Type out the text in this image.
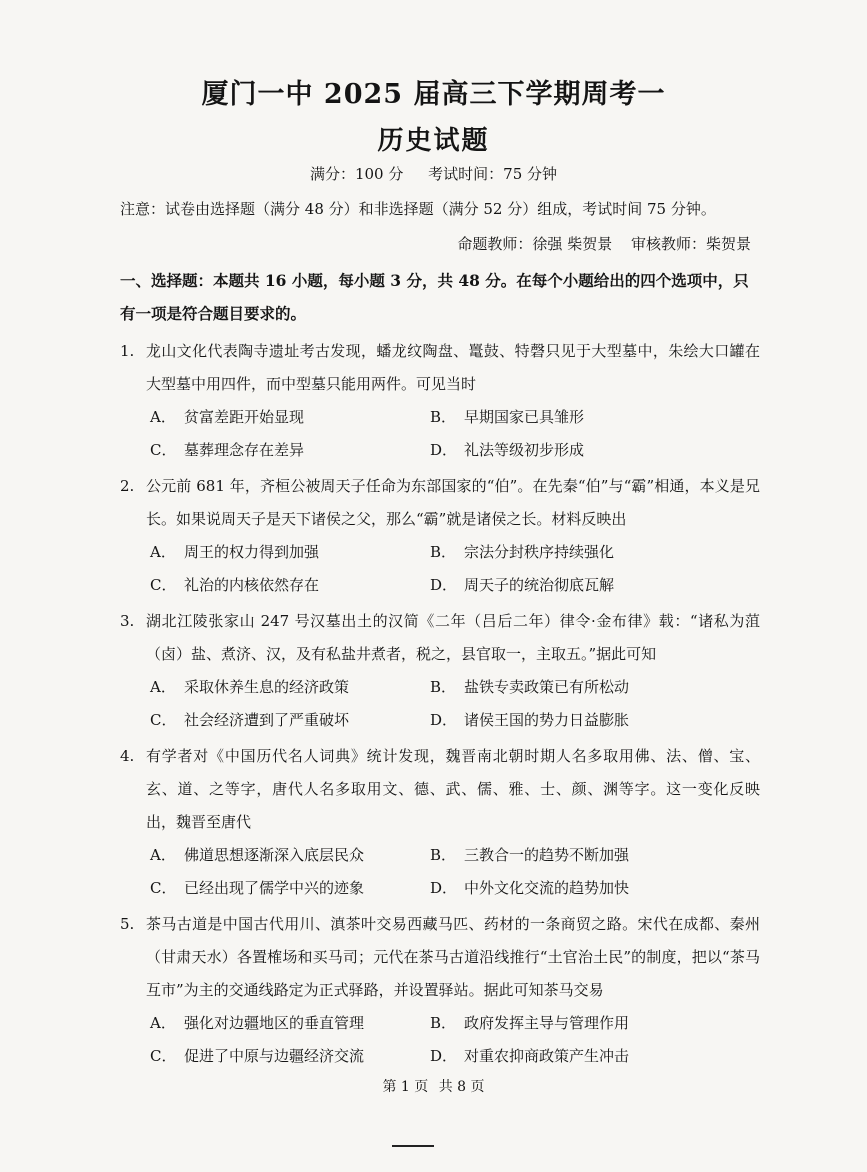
厦门一中 2025 届高三下学期周考一
历史试题
满分：100 分 考试时间：75 分钟
注意：试卷由选择题（满分 48 分）和非选择题（满分 52 分）组成，考试时间 75 分钟。
命题教师：徐强 柴贺景 审核教师：柴贺景
一、选择题：本题共 16 小题，每小题 3 分，共 48 分。在每个小题给出的四个选项中，只有一项是符合题目要求的。
1. 龙山文化代表陶寺遗址考古发现，蟠龙纹陶盘、鼍鼓、特磬只见于大型墓中，朱绘大口罐在大型墓中用四件，而中型墓只能用两件。可见当时
A． 贫富差距开始显现	B． 早期国家已具雏形
C． 墓葬理念存在差异	D． 礼法等级初步形成
2. 公元前 681 年，齐桓公被周天子任命为东部国家的“伯”。在先秦“伯”与“霸”相通，本义是兄长。如果说周天子是天下诸侯之父，那么“霸”就是诸侯之长。材料反映出
A． 周王的权力得到加强	B． 宗法分封秩序持续强化
C． 礼治的内核依然存在	D． 周天子的统治彻底瓦解
3. 湖北江陵张家山 247 号汉墓出土的汉简《二年（吕后二年）律令·金布律》载：“诸私为菹（卤）盐、煮济、汉，及有私盐井煮者，税之，县官取一，主取五。”据此可知
A． 采取休养生息的经济政策	B． 盐铁专卖政策已有所松动
C． 社会经济遭到了严重破坏	D． 诸侯王国的势力日益膨胀
4. 有学者对《中国历代名人词典》统计发现，魏晋南北朝时期人名多取用佛、法、僧、宝、玄、道、之等字，唐代人名多取用文、德、武、儒、雅、士、颜、渊等字。这一变化反映出，魏晋至唐代
A． 佛道思想逐渐深入底层民众	B． 三教合一的趋势不断加强
C． 已经出现了儒学中兴的迹象	D． 中外文化交流的趋势加快
5. 茶马古道是中国古代用川、滇茶叶交易西藏马匹、药材的一条商贸之路。宋代在成都、秦州（甘肃天水）各置榷场和买马司；元代在茶马古道沿线推行“土官治土民”的制度，把以“茶马互市”为主的交通线路定为正式驿路，并设置驿站。据此可知茶马交易
A． 强化对边疆地区的垂直管理	B． 政府发挥主导与管理作用
C． 促进了中原与边疆经济交流	D． 对重农抑商政策产生冲击
第 1 页 共 8 页
